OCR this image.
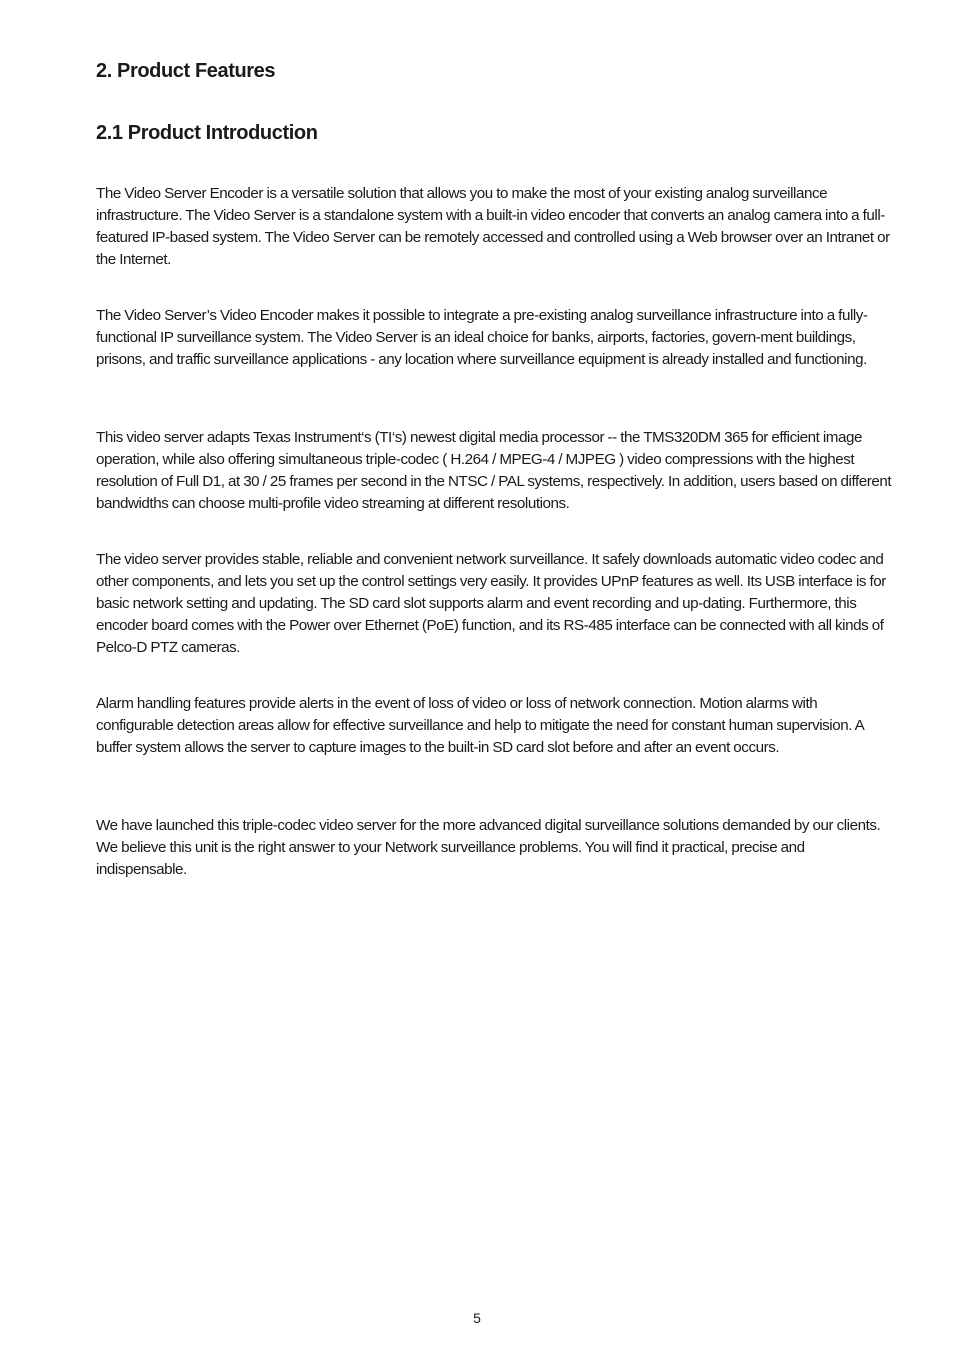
2. Product Features
2.1 Product Introduction

The Video Server Encoder is a versatile solution that allows you to make the most of your existing analog surveillance infrastructure. The Video Server is a standalone system with a built-in video encoder that converts an analog camera into a full-featured IP-based system. The Video Server can be remotely accessed and controlled using a Web browser over an Intranet or the Internet.

The Video Server’s Video Encoder makes it possible to integrate a pre-existing analog surveillance infrastructure into a fully-functional IP surveillance system. The Video Server is an ideal choice for banks, airports, factories, govern-ment buildings, prisons, and traffic surveillance applications - any location where surveillance equipment is already installed and functioning.

This video server adapts Texas Instrument‘s (TI‘s) newest digital media processor -- the TMS320DM 365 for efficient image operation, while also offering simultaneous triple-codec ( H.264 / MPEG-4 / MJPEG ) video compressions with the highest resolution of Full D1, at 30 / 25 frames per second in the NTSC / PAL systems, respectively. In addition, users based on different bandwidths can choose multi-profile video streaming at different resolutions.

The video server provides stable, reliable and convenient network surveillance. It safely downloads automatic video codec and other components, and lets you set up the control settings very easily. It provides UPnP features as well. Its USB interface is for basic network setting and updating. The SD card slot supports alarm and event recording and up-dating. Furthermore, this encoder board comes with the Power over Ethernet (PoE) function, and its RS-485 interface can be connected with all kinds of Pelco-D PTZ cameras.

Alarm handling features provide alerts in the event of loss of video or loss of network connection. Motion alarms with configurable detection areas allow for effective surveillance and help to mitigate the need for constant human supervision. A buffer system allows the server to capture images to the built-in SD card slot before and after an event occurs.

We have launched this triple-codec video server for the more advanced digital surveillance solutions demanded by our clients. We believe this unit is the right answer to your Network surveillance problems. You will find it practical, precise and indispensable.

5
